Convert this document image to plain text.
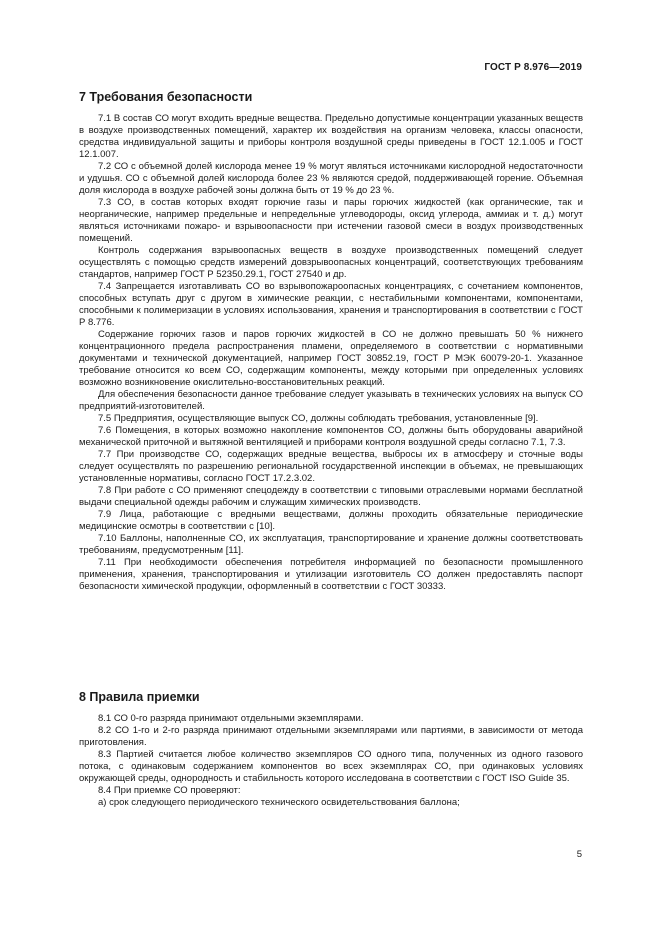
ГОСТ Р 8.976—2019
7 Требования безопасности

7.1 В состав СО могут входить вредные вещества. Предельно допустимые концентрации указанных веществ в воздухе производственных помещений, характер их воздействия на организм человека, классы опасности, средства индивидуальной защиты и приборы контроля воздушной среды приведены в ГОСТ 12.1.005 и ГОСТ 12.1.007.

7.2 СО с объемной долей кислорода менее 19 % могут являться источниками кислородной недостаточности и удушья. СО с объемной долей кислорода более 23 % являются средой, поддерживающей горение. Объемная доля кислорода в воздухе рабочей зоны должна быть от 19 % до 23 %.

7.3 СО, в состав которых входят горючие газы и пары горючих жидкостей (как органические, так и неорганические, например предельные и непредельные углеводороды, оксид углерода, аммиак и т. д.) могут являться источниками пожаро- и взрывоопасности при истечении газовой смеси в воздух производственных помещений.

Контроль содержания взрывоопасных веществ в воздухе производственных помещений следует осуществлять с помощью средств измерений довзрывоопасных концентраций, соответствующих требованиям стандартов, например ГОСТ Р 52350.29.1, ГОСТ 27540 и др.

7.4 Запрещается изготавливать СО во взрывопожароопасных концентрациях, с сочетанием компонентов, способных вступать друг с другом в химические реакции, с нестабильными компонентами, компонентами, способными к полимеризации в условиях использования, хранения и транспортирования в соответствии с ГОСТ Р 8.776.

Содержание горючих газов и паров горючих жидкостей в СО не должно превышать 50 % нижнего концентрационного предела распространения пламени, определяемого в соответствии с нормативными документами и технической документацией, например ГОСТ 30852.19, ГОСТ Р МЭК 60079-20-1. Указанное требование относится ко всем СО, содержащим компоненты, между которыми при определенных условиях возможно возникновение окислительно-восстановительных реакций.

Для обеспечения безопасности данное требование следует указывать в технических условиях на выпуск СО предприятий-изготовителей.

7.5 Предприятия, осуществляющие выпуск СО, должны соблюдать требования, установленные [9].

7.6 Помещения, в которых возможно накопление компонентов СО, должны быть оборудованы аварийной механической приточной и вытяжной вентиляцией и приборами контроля воздушной среды согласно 7.1, 7.3.

7.7 При производстве СО, содержащих вредные вещества, выбросы их в атмосферу и сточные воды следует осуществлять по разрешению региональной государственной инспекции в объемах, не превышающих установленные нормативы, согласно ГОСТ 17.2.3.02.

7.8 При работе с СО применяют спецодежду в соответствии с типовыми отраслевыми нормами бесплатной выдачи специальной одежды рабочим и служащим химических производств.

7.9 Лица, работающие с вредными веществами, должны проходить обязательные периодические медицинские осмотры в соответствии с [10].

7.10 Баллоны, наполненные СО, их эксплуатация, транспортирование и хранение должны соответствовать требованиям, предусмотренным [11].

7.11 При необходимости обеспечения потребителя информацией по безопасности промышленного применения, хранения, транспортирования и утилизации изготовитель СО должен предоставлять паспорт безопасности химической продукции, оформленный в соответствии с ГОСТ 30333.

8 Правила приемки

8.1 СО 0-го разряда принимают отдельными экземплярами.

8.2 СО 1-го и 2-го разряда принимают отдельными экземплярами или партиями, в зависимости от метода приготовления.

8.3 Партией считается любое количество экземпляров СО одного типа, полученных из одного газового потока, с одинаковым содержанием компонентов во всех экземплярах СО, при одинаковых условиях окружающей среды, однородность и стабильность которого исследована в соответствии с ГОСТ ISO Guide 35.

8.4 При приемке СО проверяют:

а) срок следующего периодического технического освидетельствования баллона;

5
